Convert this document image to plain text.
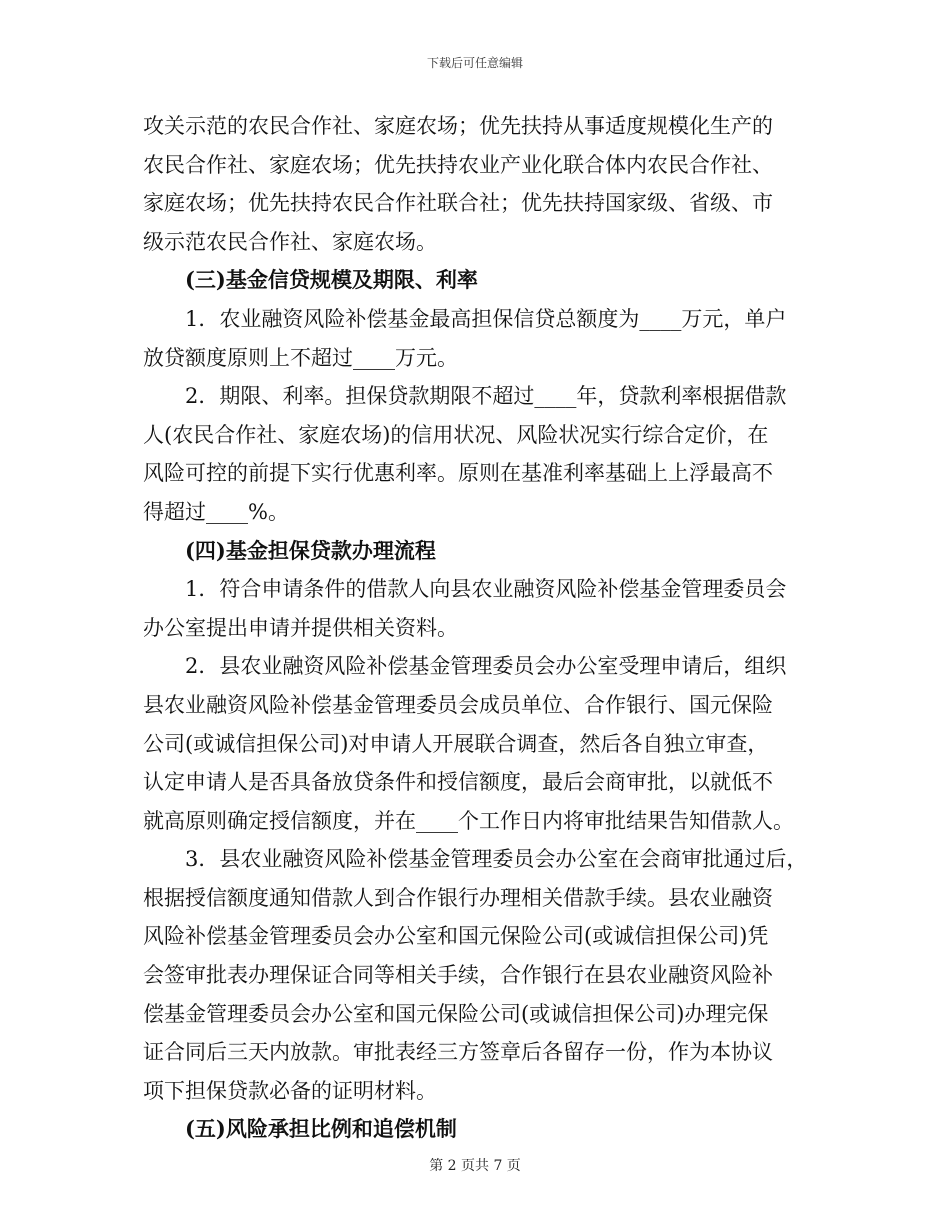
下载后可任意编辑
攻关示范的农民合作社、家庭农场；优先扶持从事适度规模化生产的
农民合作社、家庭农场；优先扶持农业产业化联合体内农民合作社、
家庭农场；优先扶持农民合作社联合社；优先扶持国家级、省级、市
级示范农民合作社、家庭农场。
(三)基金信贷规模及期限、利率
1．农业融资风险补偿基金最高担保信贷总额度为____万元，单户
放贷额度原则上不超过____万元。
2．期限、利率。担保贷款期限不超过____年，贷款利率根据借款
人(农民合作社、家庭农场)的信用状况、风险状况实行综合定价，在
风险可控的前提下实行优惠利率。原则在基准利率基础上上浮最高不
得超过____%。
(四)基金担保贷款办理流程
1．符合申请条件的借款人向县农业融资风险补偿基金管理委员会
办公室提出申请并提供相关资料。
2．县农业融资风险补偿基金管理委员会办公室受理申请后，组织
县农业融资风险补偿基金管理委员会成员单位、合作银行、国元保险
公司(或诚信担保公司)对申请人开展联合调查，然后各自独立审查，
认定申请人是否具备放贷条件和授信额度，最后会商审批，以就低不
就高原则确定授信额度，并在____个工作日内将审批结果告知借款人。
3．县农业融资风险补偿基金管理委员会办公室在会商审批通过后，
根据授信额度通知借款人到合作银行办理相关借款手续。县农业融资
风险补偿基金管理委员会办公室和国元保险公司(或诚信担保公司)凭
会签审批表办理保证合同等相关手续，合作银行在县农业融资风险补
偿基金管理委员会办公室和国元保险公司(或诚信担保公司)办理完保
证合同后三天内放款。审批表经三方签章后各留存一份，作为本协议
项下担保贷款必备的证明材料。
(五)风险承担比例和追偿机制
第 2 页共 7 页
